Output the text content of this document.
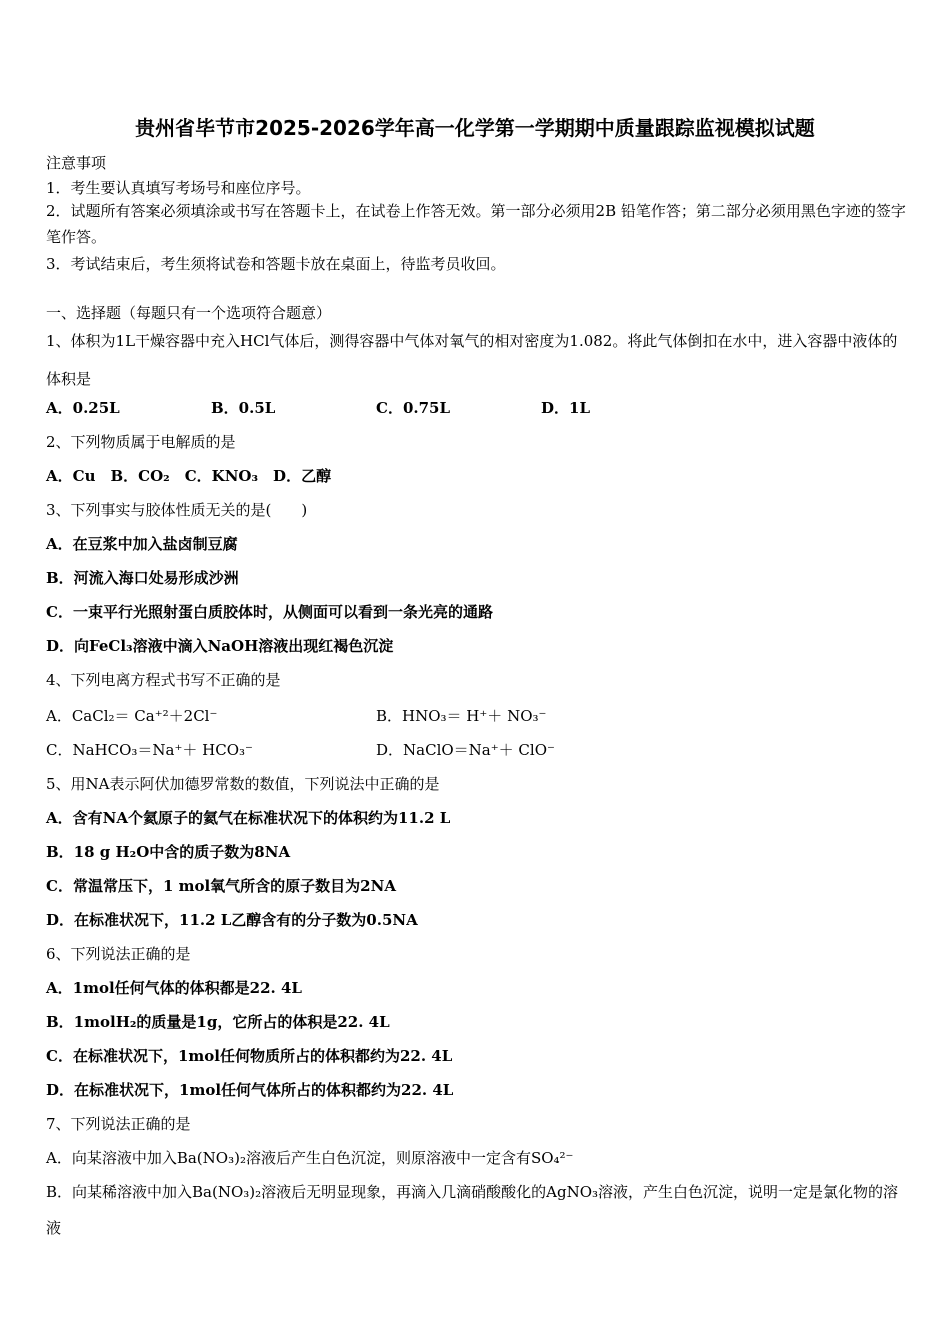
贵州省毕节市2025-2026学年高一化学第一学期期中质量跟踪监视模拟试题
注意事项
1．考生要认真填写考场号和座位序号。
2．试题所有答案必须填涂或书写在答题卡上，在试卷上作答无效。第一部分必须用2B 铅笔作答；第二部分必须用黑色字迹的签字笔作答。
3．考试结束后，考生须将试卷和答题卡放在桌面上，待监考员收回。
一、选择题（每题只有一个选项符合题意）
1、体积为1L干燥容器中充入HCl气体后，测得容器中气体对氧气的相对密度为1.082。将此气体倒扣在水中，进入容器中液体的体积是
A．0.25L	B．0.5L	C．0.75L	D．1L
2、下列物质属于电解质的是
A．Cu　B．CO₂　C．KNO₃　D．乙醇
3、下列事实与胶体性质无关的是(　　)
A．在豆浆中加入盐卤制豆腐
B．河流入海口处易形成沙洲
C．一束平行光照射蛋白质胶体时，从侧面可以看到一条光亮的通路
D．向FeCl₃溶液中滴入NaOH溶液出现红褐色沉淀
4、下列电离方程式书写不正确的是
A．CaCl₂＝ Ca⁺²＋2Cl⁻	B．HNO₃＝ H⁺＋ NO₃⁻
C．NaHCO₃＝Na⁺＋ HCO₃⁻	D．NaClO＝Na⁺＋ ClO⁻
5、用NA表示阿伏加德罗常数的数值，下列说法中正确的是
A．含有NA个氦原子的氦气在标准状况下的体积约为11.2 L
B．18 g H₂O中含的质子数为8NA
C．常温常压下，1 mol氧气所含的原子数目为2NA
D．在标准状况下，11.2 L乙醇含有的分子数为0.5NA
6、下列说法正确的是
A．1mol任何气体的体积都是22. 4L
B．1molH₂的质量是1g，它所占的体积是22. 4L
C．在标准状况下，1mol任何物质所占的体积都约为22. 4L
D．在标准状况下，1mol任何气体所占的体积都约为22. 4L
7、下列说法正确的是
A．向某溶液中加入Ba(NO₃)₂溶液后产生白色沉淀，则原溶液中一定含有SO₄²⁻
B．向某稀溶液中加入Ba(NO₃)₂溶液后无明显现象，再滴入几滴硝酸酸化的AgNO₃溶液，产生白色沉淀，说明一定是氯化物的溶液
